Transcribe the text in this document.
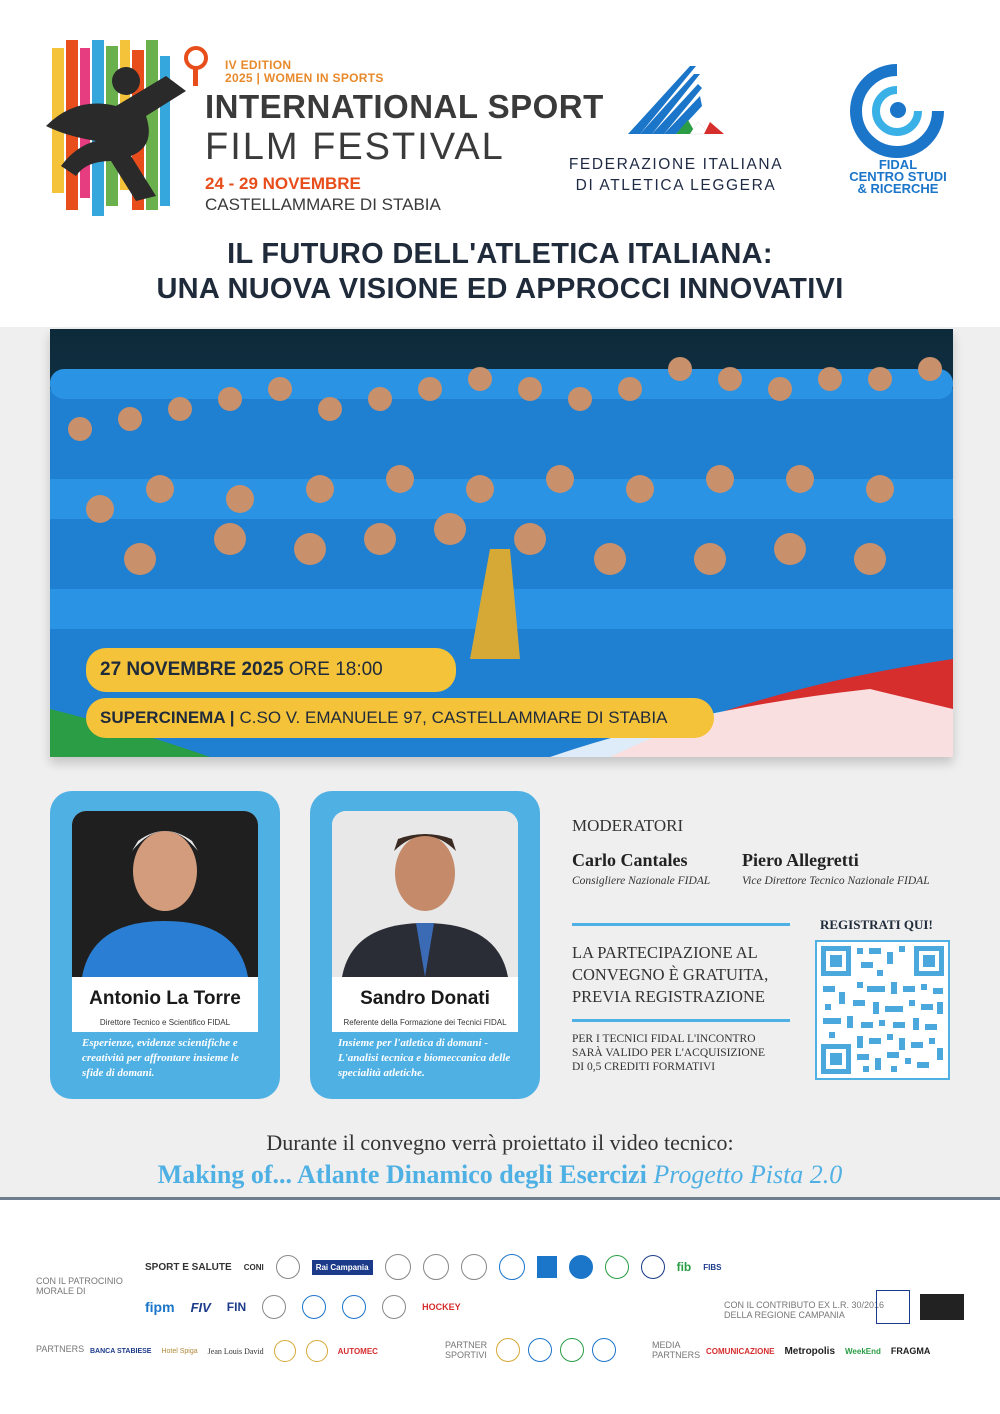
IV EDITION
2025 | WOMEN IN SPORTS
INTERNATIONAL SPORT
FILM FESTIVAL
24 - 29 NOVEMBRE
CASTELLAMMARE DI STABIA
FEDERAZIONE ITALIANA
DI ATLETICA LEGGERA
FIDAL
CENTRO STUDI
& RICERCHE
IL FUTURO DELL'ATLETICA ITALIANA:
UNA NUOVA VISIONE ED APPROCCI INNOVATIVI
27 NOVEMBRE 2025 ORE 18:00
SUPERCINEMA | C.SO V. EMANUELE 97, CASTELLAMMARE DI STABIA
Antonio La Torre
Direttore Tecnico e Scientifico FIDAL
Esperienze, evidenze scientifiche e creatività per affrontare insieme le sfide di domani.
Sandro Donati
Referente della Formazione dei Tecnici FIDAL
Insieme per l'atletica di domani - L'analisi tecnica e biomeccanica delle specialità atletiche.
MODERATORI
Carlo Cantales
Consigliere Nazionale FIDAL
Piero Allegretti
Vice Direttore Tecnico Nazionale FIDAL
LA PARTECIPAZIONE AL
CONVEGNO È GRATUITA,
PREVIA REGISTRAZIONE
PER I TECNICI FIDAL L'INCONTRO
SARÀ VALIDO PER L'ACQUISIZIONE
DI 0,5 CREDITI FORMATIVI
REGISTRATI QUI!
Durante il convegno verrà proiettato il video tecnico:
Making of... Atlante Dinamico degli Esercizi Progetto Pista 2.0
CON IL PATROCINIO
MORALE DI
SPORT E SALUTE CONI	Rai Campania	fib FIBS
fipm FIV FIN	HOCKEY	CON IL CONTRIBUTO EX L.R. 30/2016
DELLA REGIONE CAMPANIA
PARTNERS BANCA STABIESE Hotel Spiga Jean Louis David	AUTOMEC
PARTNER
SPORTIVI
MEDIA
PARTNERS COMUNICAZIONE Metropolis WeekEnd FRAGMA
